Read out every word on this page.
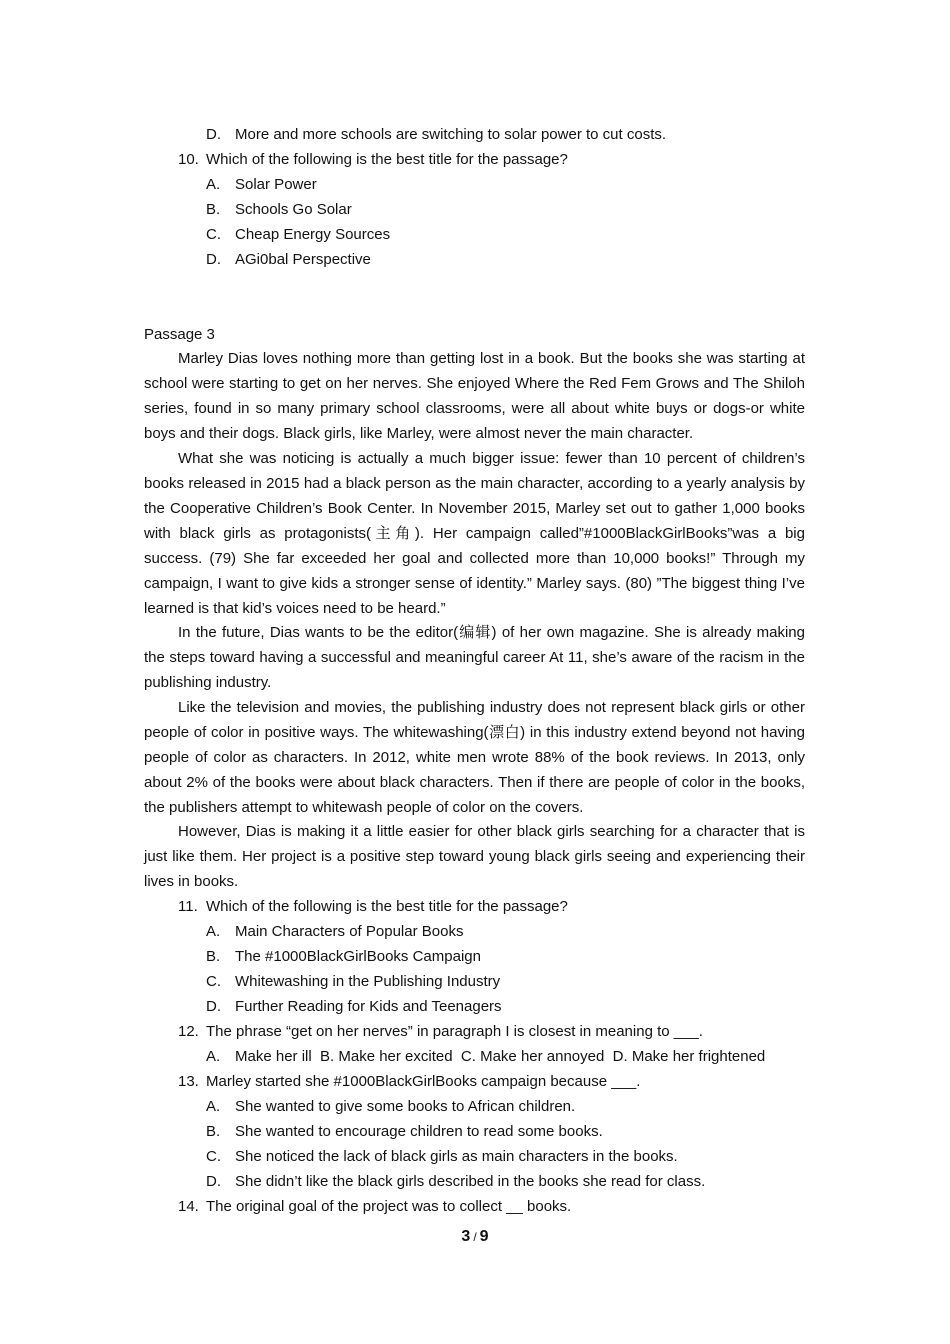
D. More and more schools are switching to solar power to cut costs.
10. Which of the following is the best title for the passage?
A. Solar Power
B. Schools Go Solar
C. Cheap Energy Sources
D. AGi0bal Perspective
Passage 3

Marley Dias loves nothing more than getting lost in a book. But the books she was starting at school were starting to get on her nerves. She enjoyed Where the Red Fem Grows and The Shiloh series, found in so many primary school classrooms, were all about white buys or dogs-or white boys and their dogs. Black girls, like Marley, were almost never the main character.

What she was noticing is actually a much bigger issue: fewer than 10 percent of children’s books released in 2015 had a black person as the main character, according to a yearly analysis by the Cooperative Children’s Book Center. In November 2015, Marley set out to gather 1,000 books with black girls as protagonists(主角). Her campaign called”#1000BlackGirlBooks”was a big success. (79) She far exceeded her goal and collected more than 10,000 books!” Through my campaign, I want to give kids a stronger sense of identity.” Marley says. (80) ”The biggest thing I’ve learned is that kid’s voices need to be heard.”

In the future, Dias wants to be the editor(编辑) of her own magazine. She is already making the steps toward having a successful and meaningful career At 11, she’s aware of the racism in the publishing industry.

Like the television and movies, the publishing industry does not represent black girls or other people of color in positive ways. The whitewashing(漂白) in this industry extend beyond not having people of color as characters. In 2012, white men wrote 88% of the book reviews. In 2013, only about 2% of the books were about black characters. Then if there are people of color in the books, the publishers attempt to whitewash people of color on the covers.

However, Dias is making it a little easier for other black girls searching for a character that is just like them. Her project is a positive step toward young black girls seeing and experiencing their lives in books.

11. Which of the following is the best title for the passage?
A. Main Characters of Popular Books
B. The #1000BlackGirlBooks Campaign
C. Whitewashing in the Publishing Industry
D. Further Reading for Kids and Teenagers
12. The phrase “get on her nerves” in paragraph I is closest in meaning to ___.
A. Make her ill  B. Make her excited  C. Make her annoyed  D. Make her frightened
13. Marley started she #1000BlackGirlBooks campaign because ___.
A. She wanted to give some books to African children.
B. She wanted to encourage children to read some books.
C. She noticed the lack of black girls as main characters in the books.
D. She didn’t like the black girls described in the books she read for class.
14. The original goal of the project was to collect __ books.
3 / 9
